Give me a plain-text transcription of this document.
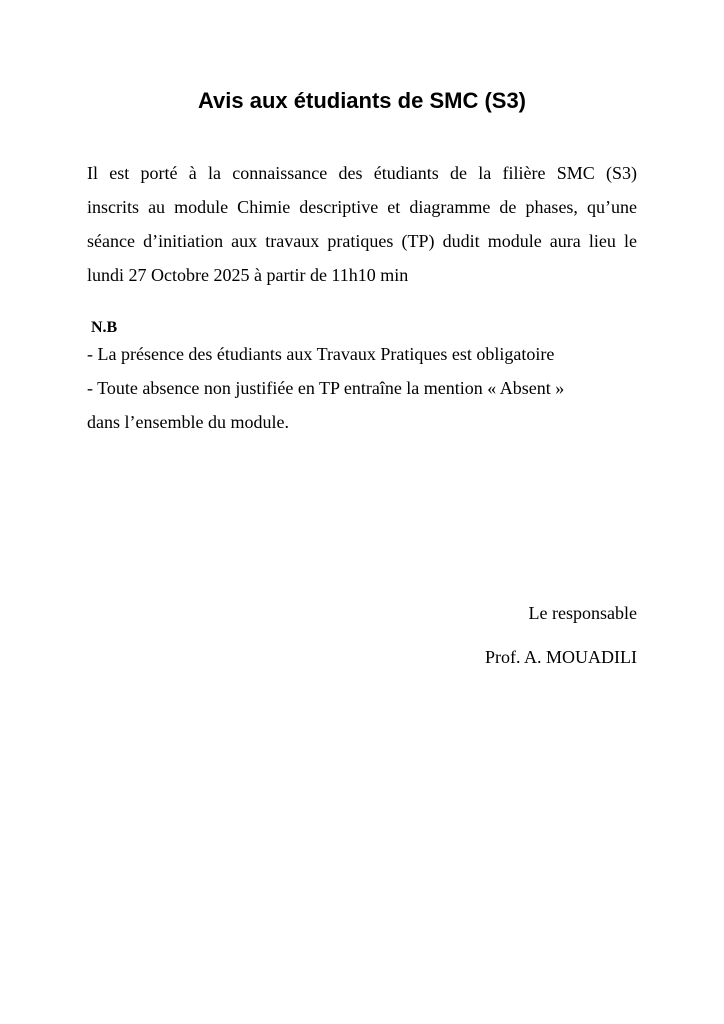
Avis aux étudiants de SMC (S3)
Il est porté à la connaissance des étudiants de la filière SMC (S3)
inscrits au module Chimie descriptive et diagramme de phases, qu’une
séance d’initiation aux travaux pratiques (TP) dudit module aura lieu le
lundi 27 Octobre 2025 à partir de 11h10 min
N.B
- La présence des étudiants aux Travaux Pratiques est obligatoire
- Toute absence non justifiée en TP entraîne la mention « Absent »
dans l’ensemble du module.
Le responsable
Prof. A. MOUADILI
